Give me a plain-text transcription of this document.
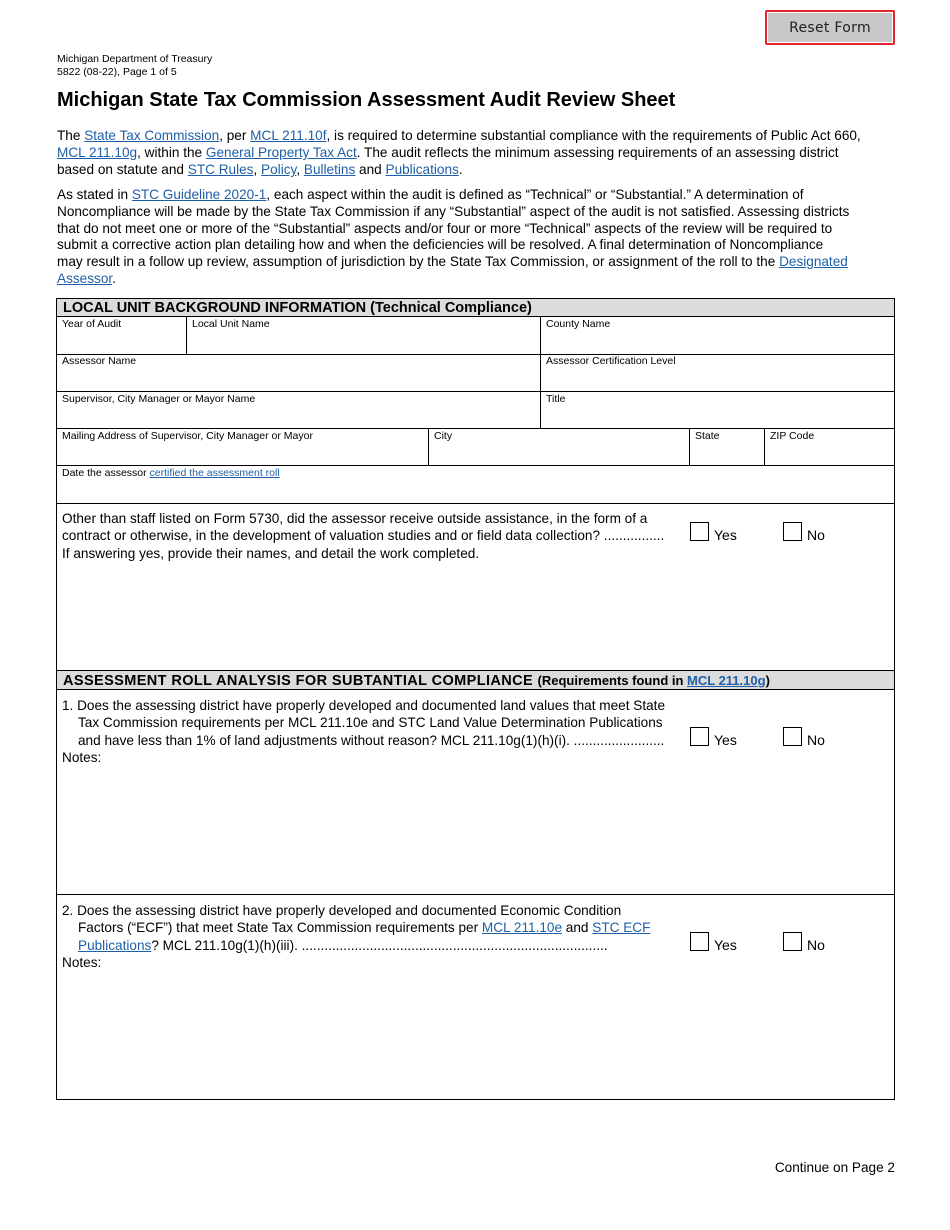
Reset Form
Michigan Department of Treasury
5822 (08-22), Page 1 of 5
Michigan State Tax Commission Assessment Audit Review Sheet

The State Tax Commission, per MCL 211.10f, is required to determine substantial compliance with the requirements of Public Act 660,
MCL 211.10g, within the General Property Tax Act. The audit reflects the minimum assessing requirements of an assessing district
based on statute and STC Rules, Policy, Bulletins and Publications.

As stated in STC Guideline 2020-1, each aspect within the audit is defined as “Technical” or “Substantial.” A determination of
Noncompliance will be made by the State Tax Commission if any “Substantial” aspect of the audit is not satisfied. Assessing districts
that do not meet one or more of the “Substantial” aspects and/or four or more “Technical” aspects of the review will be required to
submit a corrective action plan detailing how and when the deficiencies will be resolved. A final determination of Noncompliance
may result in a follow up review, assumption of jurisdiction by the State Tax Commission, or assignment of the roll to the Designated
Assessor.

LOCAL UNIT BACKGROUND INFORMATION (Technical Compliance)
Year of Audit	Local Unit Name	County Name
Assessor Name	Assessor Certification Level
Supervisor, City Manager or Mayor Name	Title
Mailing Address of Supervisor, City Manager or Mayor	City	State	ZIP Code
Date the assessor certified the assessment roll
Other than staff listed on Form 5730, did the assessor receive outside assistance, in the form of a
contract or otherwise, in the development of valuation studies and or field data collection? ................
If answering yes, provide their names, and detail the work completed.
Yes	No
ASSESSMENT ROLL ANALYSIS FOR SUBTANTIAL COMPLIANCE (Requirements found in MCL 211.10g)
1. Does the assessing district have properly developed and documented land values that meet State
Tax Commission requirements per MCL 211.10e and STC Land Value Determination Publications
and have less than 1% of land adjustments without reason? MCL 211.10g(1)(h)(i). ........................
Notes:
Yes	No
2. Does the assessing district have properly developed and documented Economic Condition
Factors (“ECF”) that meet State Tax Commission requirements per MCL 211.10e and STC ECF
Publications? MCL 211.10g(1)(h)(iii). .................................................................................
Notes:
Yes	No
Continue on Page 2
